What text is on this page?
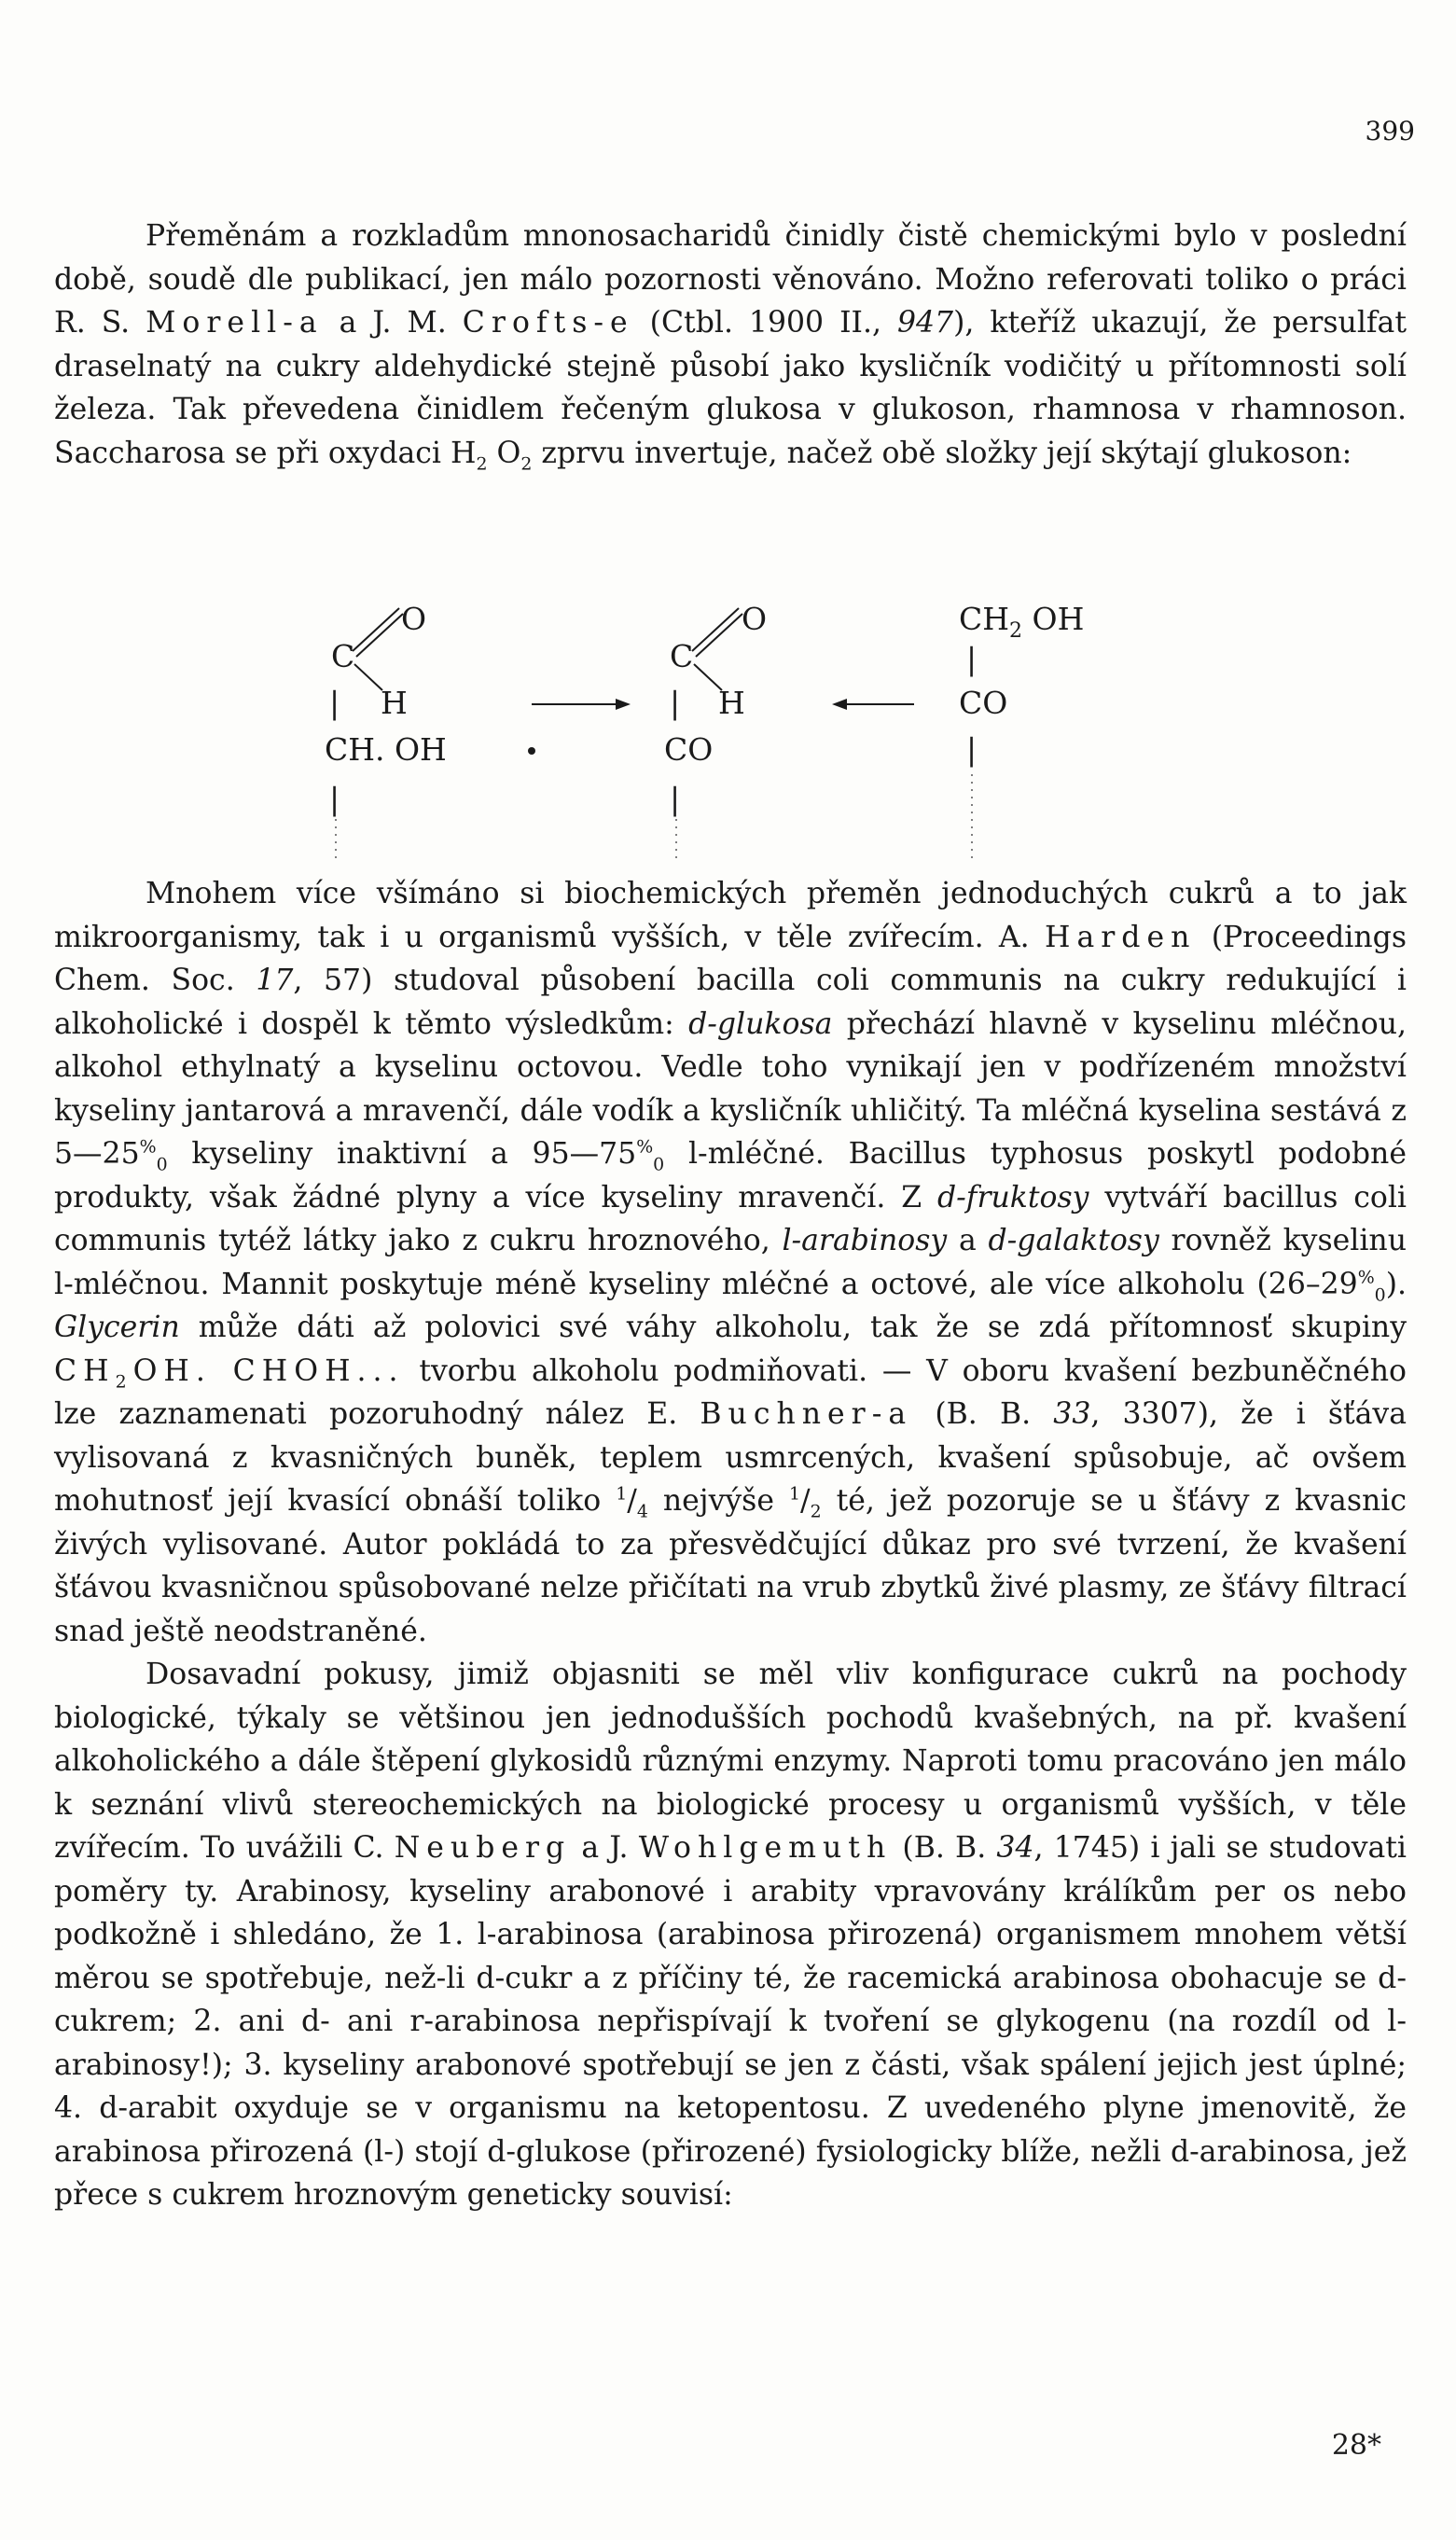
399

Přeměnám a rozkladům mnonosacharidů činidly čistě chemickými bylo v poslední době, soudě dle publikací, jen málo pozornosti věnováno. Možno referovati toliko o práci R. S. Morell-a a J. M. Crofts-e (Ctbl. 1900 II., 947), kteříž ukazují, že persulfat draselnatý na cukry aldehydické stejně působí jako kysličník vodičitý u přítomnosti solí železa. Tak převedena činidlem řečeným glukosa v glukoson, rhamnosa v rhamnoson. Saccharosa se při oxydaci $H_2$ $O_2$ zprvu invertuje, načež obě složky její skýtají glukoson:

C
O
| H
CH. OH
|
C
O
| H
CO
|
$CH_2$ OH
|
CO
|

Mnohem více všímáno si biochemických přeměn jednoduchých cukrů a to jak mikroorganismy, tak i u organismů vyšších, v těle zvířecím. A. Harden (Proceedings Chem. Soc. 17, 57) studoval působení bacilla coli communis na cukry redukující i alkoholické i dospěl k těmto výsledkům: d-glukosa přechází hlavně v kyselinu mléčnou, alkohol ethylnatý a kyselinu octovou. Vedle toho vynikají jen v podřízeném množství kyseliny jantarová a mravenčí, dále vodík a kysličník uhličitý. Ta mléčná kyselina sestává z $5—25^{\%}_0$ kyseliny inaktivní a $95—75^{\%}_0$ l-mléčné. Bacillus typhosus poskytl podobné produkty, však žádné plyny a více kyseliny mravenčí. Z d-fruktosy vytváří bacillus coli communis tytéž látky jako z cukru hroznového, l-arabinosy a d-galaktosy rovněž kyselinu l-mléčnou. Mannit poskytuje méně kyseliny mléčné a octové, ale více alkoholu $(26-29^{\%}_0)$. Glycerin může dáti až polovici své váhy alkoholu, tak že se zdá přítomnosť skupiny $CH_2OH$. CHOH... tvorbu alkoholu podmiňovati. — V oboru kvašení bezbuněčného lze zaznamenati pozoruhodný nález E. Buchner-a (B. B. 33, 3307), že i šťáva vylisovaná z kvasničných buněk, teplem usmrcených, kvašení spůsobuje, ač ovšem mohutnosť její kvasící obnáší toliko $^1/_4$ nejvýše $^1/_2$ té, jež pozoruje se u šťávy z kvasnic živých vylisované. Autor pokládá to za přesvědčující důkaz pro své tvrzení, že kvašení šťávou kvasničnou spůsobované nelze přičítati na vrub zbytků živé plasmy, ze šťávy filtrací snad ještě neodstraněné.

Dosavadní pokusy, jimiž objasniti se měl vliv konfigurace cukrů na pochody biologické, týkaly se většinou jen jednodušších pochodů kvašebných, na př. kvašení alkoholického a dále štěpení glykosidů různými enzymy. Naproti tomu pracováno jen málo k seznání vlivů stereochemických na biologické procesy u organismů vyšších, v těle zvířecím. To uvážili C. Neuberg a J. Wohlgemuth (B. B. 34, 1745) i jali se studovati poměry ty. Arabinosy, kyseliny arabonové i arabity vpravovány králíkům per os nebo podkožně i shledáno, že 1. l-arabinosa (arabinosa přirozená) organismem mnohem větší měrou se spotřebuje, než-li d-cukr a z příčiny té, že racemická arabinosa obohacuje se d-cukrem; 2. ani d- ani r-arabinosa nepřispívají k tvoření se glykogenu (na rozdíl od l-arabinosy!); 3. kyseliny arabonové spotřebují se jen z části, však spálení jejich jest úplné; 4. d-arabit oxyduje se v organismu na ketopentosu. Z uvedeného plyne jmenovitě, že arabinosa přirozená (l-) stojí d-glukose (přirozené) fysiologicky blíže, nežli d-arabinosa, jež přece s cukrem hroznovým geneticky souvisí:

28*
